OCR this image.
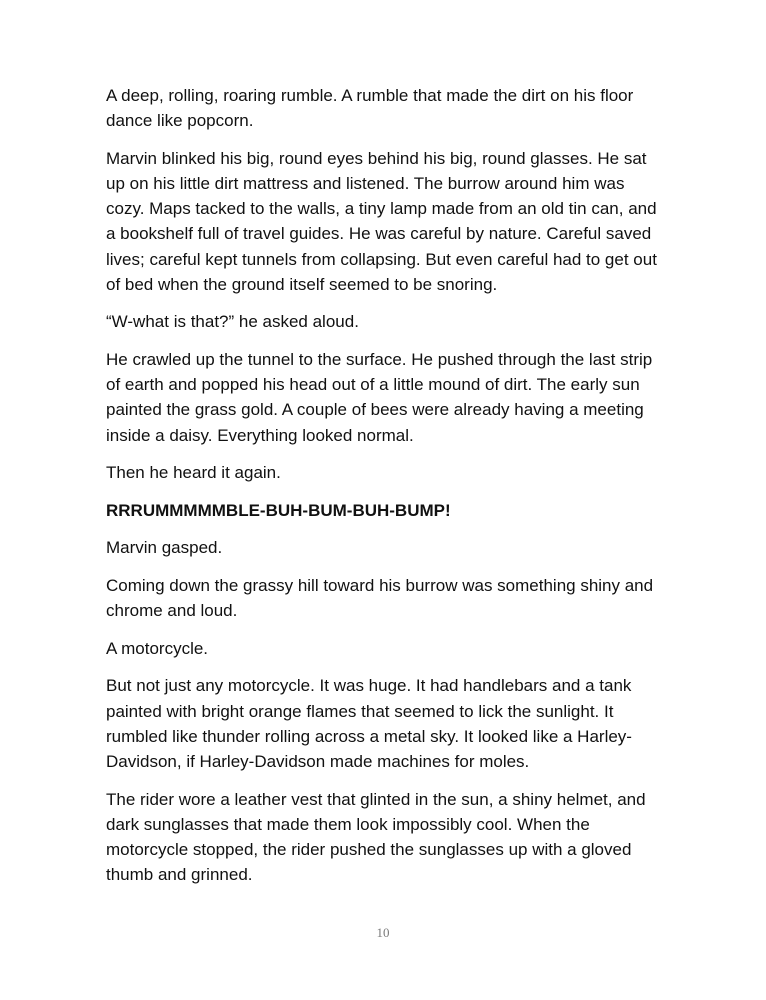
A deep, rolling, roaring rumble. A rumble that made the dirt on his floor dance like popcorn.

Marvin blinked his big, round eyes behind his big, round glasses. He sat up on his little dirt mattress and listened. The burrow around him was cozy. Maps tacked to the walls, a tiny lamp made from an old tin can, and a bookshelf full of travel guides. He was careful by nature. Careful saved lives; careful kept tunnels from collapsing. But even careful had to get out of bed when the ground itself seemed to be snoring.

“W-what is that?” he asked aloud.

He crawled up the tunnel to the surface. He pushed through the last strip of earth and popped his head out of a little mound of dirt. The early sun painted the grass gold. A couple of bees were already having a meeting inside a daisy. Everything looked normal.

Then he heard it again.

RRRUMMMMMBLE-BUH-BUM-BUH-BUMP!

Marvin gasped.

Coming down the grassy hill toward his burrow was something shiny and chrome and loud.

A motorcycle.

But not just any motorcycle. It was huge. It had handlebars and a tank painted with bright orange flames that seemed to lick the sunlight. It rumbled like thunder rolling across a metal sky. It looked like a Harley-Davidson, if Harley-Davidson made machines for moles.

The rider wore a leather vest that glinted in the sun, a shiny helmet, and dark sunglasses that made them look impossibly cool. When the motorcycle stopped, the rider pushed the sunglasses up with a gloved thumb and grinned.

10
